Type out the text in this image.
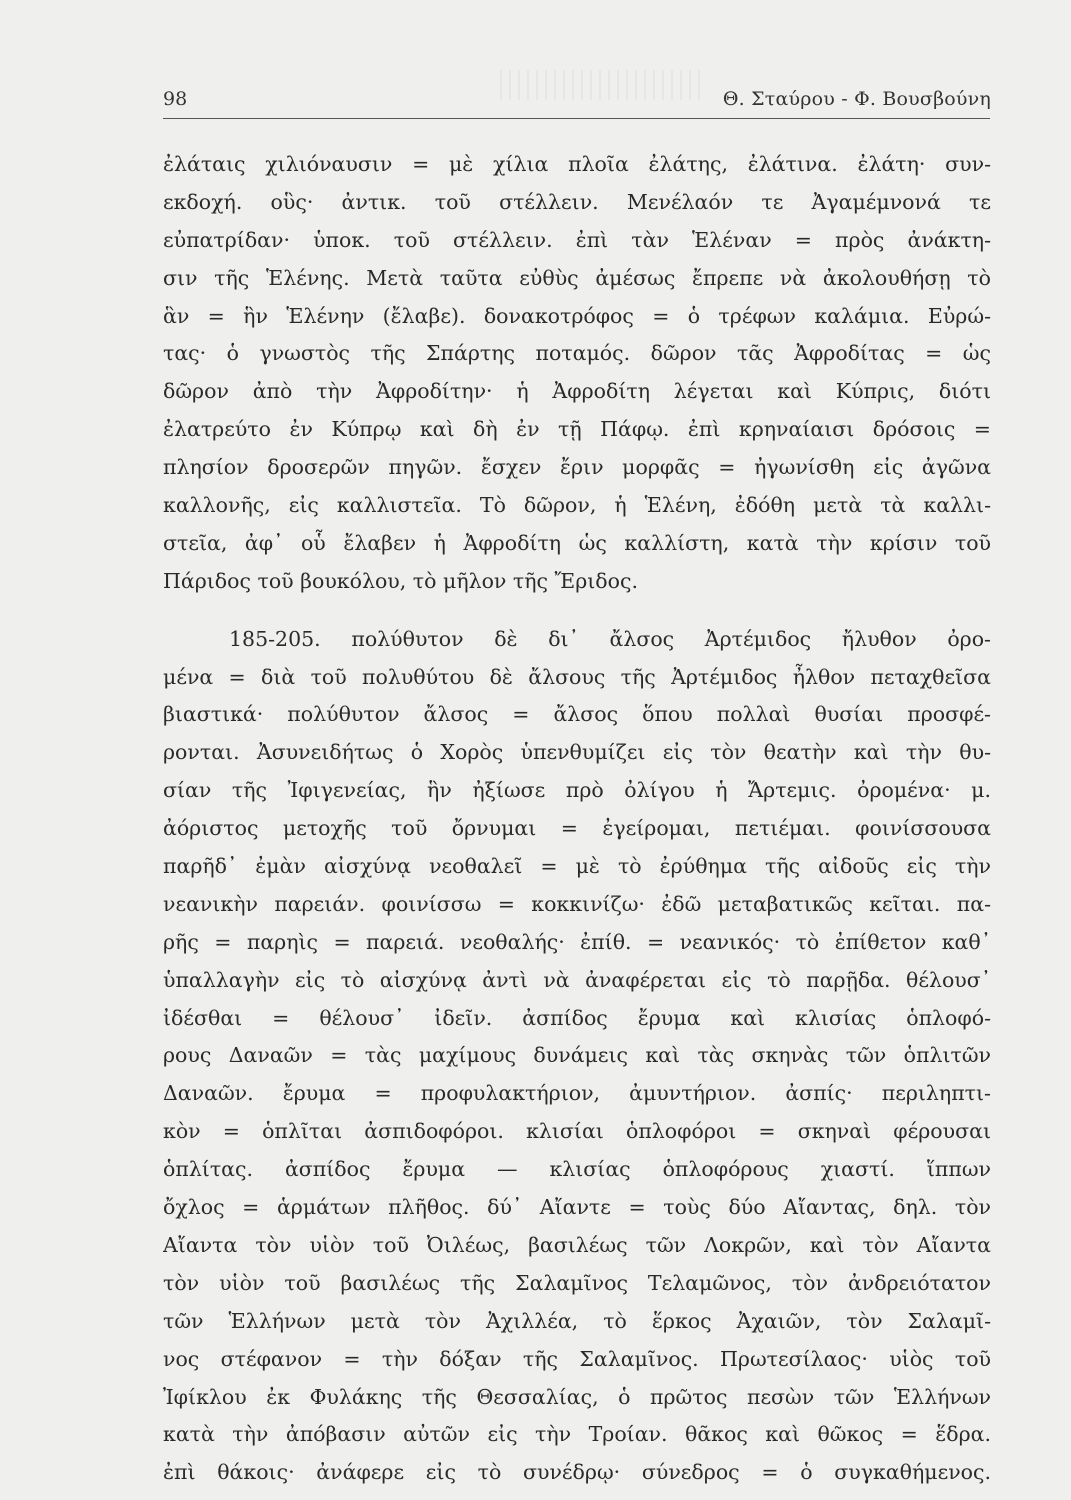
98	Θ. Σταύρου - Φ. Βουσβούνη
ἐλάταις χιλιόναυσιν = μὲ χίλια πλοῖα ἐλάτης, ἐλάτινα. ἐλάτη· συν-
εκδοχή. οὓς· ἀντικ. τοῦ στέλλειν. Μενέλαόν τε Ἀγαμέμνονά τε
εὐπατρίδαν· ὑποκ. τοῦ στέλλειν. ἐπὶ τὰν Ἑλέναν = πρὸς ἀνάκτη-
σιν τῆς Ἑλένης. Μετὰ ταῦτα εὐθὺς ἀμέσως ἔπρεπε νὰ ἀκολουθήσῃ τὸ
ἃν = ἣν Ἑλένην (ἔλαβε). δονακοτρόφος = ὁ τρέφων καλάμια. Εὐρώ-
τας· ὁ γνωστὸς τῆς Σπάρτης ποταμός. δῶρον τᾶς Ἀφροδίτας = ὡς
δῶρον ἀπὸ τὴν Ἀφροδίτην· ἡ Ἀφροδίτη λέγεται καὶ Κύπρις, διότι
ἐλατρεύτο ἐν Κύπρῳ καὶ δὴ ἐν τῇ Πάφῳ. ἐπὶ κρηναίαισι δρόσοις =
πλησίον δροσερῶν πηγῶν. ἔσχεν ἔριν μορφᾶς = ἠγωνίσθη εἰς ἀγῶνα
καλλονῆς, εἰς καλλιστεῖα. Τὸ δῶρον, ἡ Ἑλένη, ἐδόθη μετὰ τὰ καλλι-
στεῖα, ἀφ᾽ οὗ ἔλαβεν ἡ Ἀφροδίτη ὡς καλλίστη, κατὰ τὴν κρίσιν τοῦ
Πάριδος τοῦ βουκόλου, τὸ μῆλον τῆς Ἔριδος.
185-205. πολύθυτον δὲ δι᾽ ἄλσος Ἀρτέμιδος ἤλυθον ὀρο-
μένα = διὰ τοῦ πολυθύτου δὲ ἄλσους τῆς Ἀρτέμιδος ἦλθον πεταχθεῖσα
βιαστικά· πολύθυτον ἄλσος = ἄλσος ὅπου πολλαὶ θυσίαι προσφέ-
ρονται. Ἀσυνειδήτως ὁ Χορὸς ὑπενθυμίζει εἰς τὸν θεατὴν καὶ τὴν θυ-
σίαν τῆς Ἰφιγενείας, ἣν ἠξίωσε πρὸ ὀλίγου ἡ Ἄρτεμις. ὀρομένα· μ.
ἀόριστος μετοχῆς τοῦ ὄρνυμαι = ἐγείρομαι, πετιέμαι. φοινίσσουσα
παρῆδ᾽ ἐμὰν αἰσχύνᾳ νεοθαλεῖ = μὲ τὸ ἐρύθημα τῆς αἰδοῦς εἰς τὴν
νεανικὴν παρειάν. φοινίσσω = κοκκινίζω· ἐδῶ μεταβατικῶς κεῖται. πα-
ρῆς = παρηὶς = παρειά. νεοθαλής· ἐπίθ. = νεανικός· τὸ ἐπίθετον καθ᾽
ὑπαλλαγὴν εἰς τὸ αἰσχύνᾳ ἀντὶ νὰ ἀναφέρεται εἰς τὸ παρῇδα. θέλουσ᾽
ἰδέσθαι = θέλουσ᾽ ἰδεῖν. ἀσπίδος ἔρυμα καὶ κλισίας ὁπλοφό-
ρους Δαναῶν = τὰς μαχίμους δυνάμεις καὶ τὰς σκηνὰς τῶν ὁπλιτῶν
Δαναῶν. ἔρυμα = προφυλακτήριον, ἀμυντήριον. ἀσπίς· περιληπτι-
κὸν = ὁπλῖται ἀσπιδοφόροι. κλισίαι ὁπλοφόροι = σκηναὶ φέρουσαι
ὁπλίτας. ἀσπίδος ἔρυμα — κλισίας ὁπλοφόρους χιαστί. ἵππων
ὄχλος = ἁρμάτων πλῆθος. δύ᾽ Αἴαντε = τοὺς δύο Αἴαντας, δηλ. τὸν
Αἴαντα τὸν υἱὸν τοῦ Ὀιλέως, βασιλέως τῶν Λοκρῶν, καὶ τὸν Αἴαντα
τὸν υἱὸν τοῦ βασιλέως τῆς Σαλαμῖνος Τελαμῶνος, τὸν ἀνδρειότατον
τῶν Ἑλλήνων μετὰ τὸν Ἀχιλλέα, τὸ ἕρκος Ἀχαιῶν, τὸν Σαλαμῖ-
νος στέφανον = τὴν δόξαν τῆς Σαλαμῖνος. Πρωτεσίλαος· υἱὸς τοῦ
Ἰφίκλου ἐκ Φυλάκης τῆς Θεσσαλίας, ὁ πρῶτος πεσὼν τῶν Ἑλλήνων
κατὰ τὴν ἀπόβασιν αὐτῶν εἰς τὴν Τροίαν. θᾶκος καὶ θῶκος = ἕδρα.
ἐπὶ θάκοις· ἀνάφερε εἰς τὸ συνέδρῳ· σύνεδρος = ὁ συγκαθήμενος.
